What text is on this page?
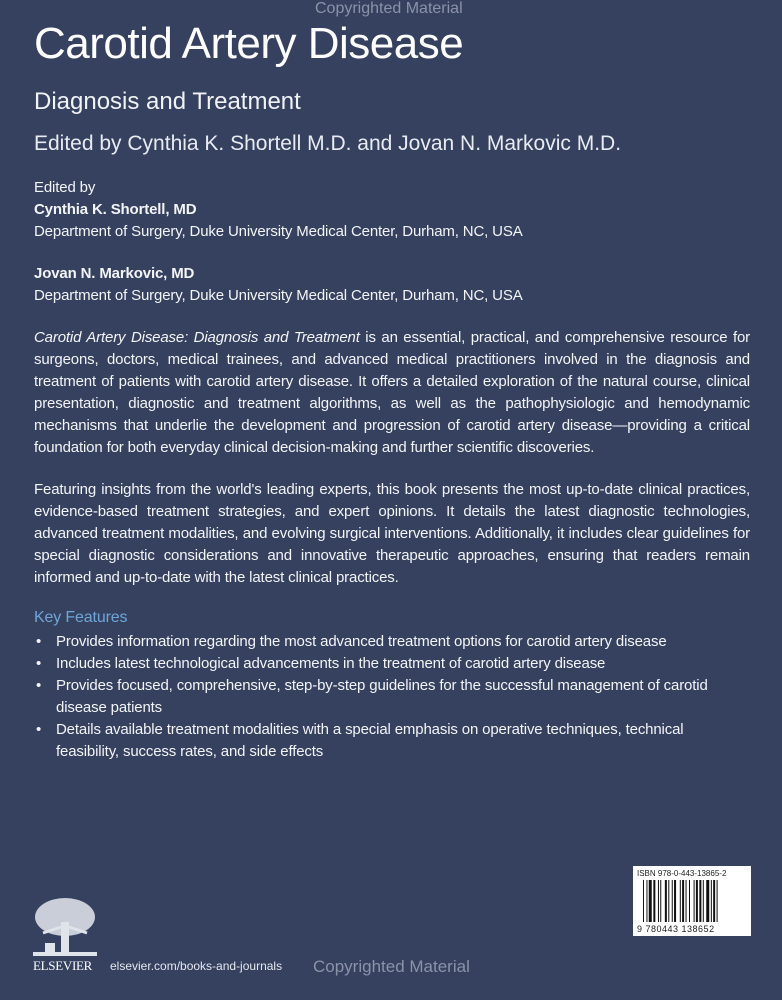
Copyrighted Material
Carotid Artery Disease
Diagnosis and Treatment
Edited by Cynthia K. Shortell M.D. and Jovan N. Markovic M.D.
Edited by
Cynthia K. Shortell, MD
Department of Surgery, Duke University Medical Center, Durham, NC, USA
Jovan N. Markovic, MD
Department of Surgery, Duke University Medical Center, Durham, NC, USA

Carotid Artery Disease: Diagnosis and Treatment is an essential, practical, and comprehensive resource for surgeons, doctors, medical trainees, and advanced medical practitioners involved in the diagnosis and treatment of patients with carotid artery disease. It offers a detailed exploration of the natural course, clinical presentation, diagnostic and treatment algorithms, as well as the pathophysiologic and hemodynamic mechanisms that underlie the development and progression of carotid artery disease—providing a critical foundation for both everyday clinical decision-making and further scientific discoveries.

Featuring insights from the world's leading experts, this book presents the most up-to-date clinical practices, evidence-based treatment strategies, and expert opinions. It details the latest diagnostic technologies, advanced treatment modalities, and evolving surgical interventions. Additionally, it includes clear guidelines for special diagnostic considerations and innovative therapeutic approaches, ensuring that readers remain informed and up-to-date with the latest clinical practices.

Key Features
• Provides information regarding the most advanced treatment options for carotid artery disease
• Includes latest technological advancements in the treatment of carotid artery disease
• Provides focused, comprehensive, step-by-step guidelines for the successful management of carotid disease patients
• Details available treatment modalities with a special emphasis on operative techniques, technical feasibility, success rates, and side effects
ELSEVIER elsevier.com/books-and-journals Copyrighted Material
ISBN 978-0-443-13865-2
9 780443 138652
